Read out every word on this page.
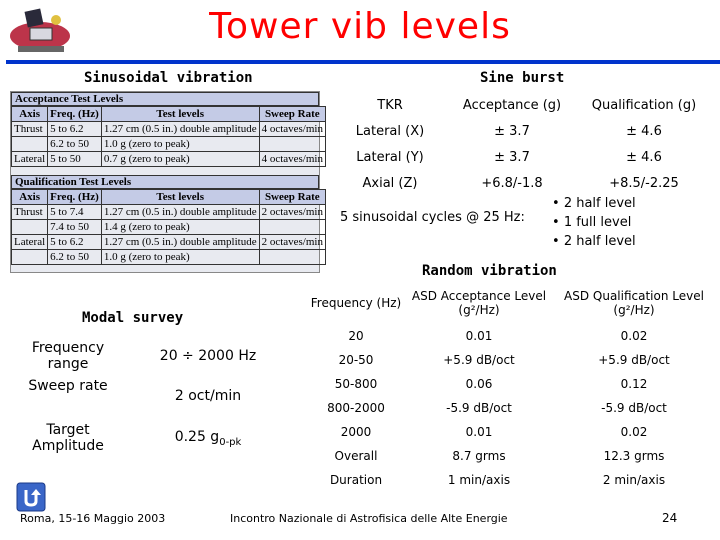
Tower vib levels
Sinusoidal vibration	Sine burst
Random vibration
Modal survey
Acceptance Test Levels
Axis	Freq. (Hz)	Test levels	Sweep Rate
Thrust	5 to 6.2	1.27 cm (0.5 in.) double amplitude	4 octaves/min
	6.2 to 50	1.0 g (zero to peak)	
Lateral	5 to 50	0.7 g (zero to peak)	4 octaves/min
Qualification Test Levels
Axis	Freq. (Hz)	Test levels	Sweep Rate
Thrust	5 to 7.4	1.27 cm (0.5 in.) double amplitude	2 octaves/min
	7.4 to 50	1.4 g (zero to peak)	
Lateral	5 to 6.2	1.27 cm (0.5 in.) double amplitude	2 octaves/min
	6.2 to 50	1.0 g (zero to peak)	
TKR	Acceptance (g)	Qualification (g)
Lateral (X)	± 3.7	± 4.6
Lateral (Y)	± 3.7	± 4.6
Axial (Z)	+6.8/-1.8	+8.5/-2.25
5 sinusoidal cycles @ 25 Hz:
• 2 half level
• 1 full level
• 2 half level
Frequency (Hz)	ASD Acceptance Level (g²/Hz)	ASD Qualification Level (g²/Hz)
20	0.01	0.02
20-50	+5.9 dB/oct	+5.9 dB/oct
50-800	0.06	0.12
800-2000	-5.9 dB/oct	-5.9 dB/oct
2000	0.01	0.02
Overall	8.7 grms	12.3 grms
Duration	1 min/axis	2 min/axis
Frequency range	20 ÷ 2000 Hz
Sweep rate	2 oct/min
Target Amplitude	0.25 $g_{0-pk}$
Roma, 15-16 Maggio 2003	Incontro Nazionale di Astrofisica delle Alte Energie	24
